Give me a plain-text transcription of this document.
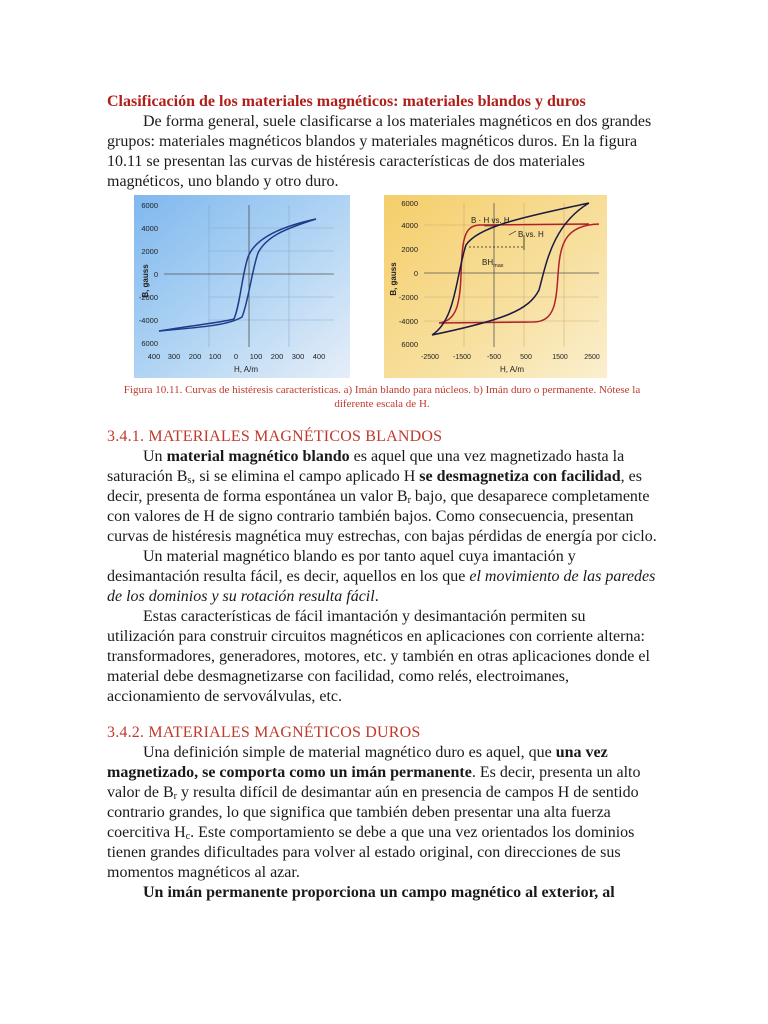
Clasificación de los materiales magnéticos: materiales blandos y duros

De forma general, suele clasificarse a los materiales magnéticos en dos grandes grupos: materiales magnéticos blandos y materiales magnéticos duros. En la figura 10.11 se presentan las curvas de histéresis características de dos materiales magnéticos, uno blando y otro duro.

6000
4000
2000
0
-2000
-4000
6000
400 300 200 100 0 100 200 300 400
H, A/m
B, gauss
6000
4000
2000
0
-2000
-4000
6000
-2500 -1500 -500	500	1500 2500
H, A/m
B, gauss
B · H vs. H
B vs. H
$BH_{max}$

Figura 10.11. Curvas de histéresis características. a) Imán blando para núcleos. b) Imán duro o permanente. Nótese la diferente escala de H.

3.4.1. MATERIALES MAGNÉTICOS BLANDOS

Un material magnético blando es aquel que una vez magnetizado hasta la saturación $B_s$, si se elimina el campo aplicado H se desmagnetiza con facilidad, es decir, presenta de forma espontánea un valor $B_r$ bajo, que desaparece completamente con valores de H de signo contrario también bajos. Como consecuencia, presentan curvas de histéresis magnética muy estrechas, con bajas pérdidas de energía por ciclo.

Un material magnético blando es por tanto aquel cuya imantación y desimantación resulta fácil, es decir, aquellos en los que el movimiento de las paredes de los dominios y su rotación resulta fácil.

Estas características de fácil imantación y desimantación permiten su utilización para construir circuitos magnéticos en aplicaciones con corriente alterna: transformadores, generadores, motores, etc. y también en otras aplicaciones donde el material debe desmagnetizarse con facilidad, como relés, electroimanes, accionamiento de servoválvulas, etc.

3.4.2. MATERIALES MAGNÉTICOS DUROS

Una definición simple de material magnético duro es aquel, que una vez magnetizado, se comporta como un imán permanente. Es decir, presenta un alto valor de $B_r$ y resulta difícil de desimantar aún en presencia de campos H de sentido contrario grandes, lo que significa que también deben presentar una alta fuerza coercitiva $H_c$. Este comportamiento se debe a que una vez orientados los dominios tienen grandes dificultades para volver al estado original, con direcciones de sus momentos magnéticos al azar.

Un imán permanente proporciona un campo magnético al exterior, al
